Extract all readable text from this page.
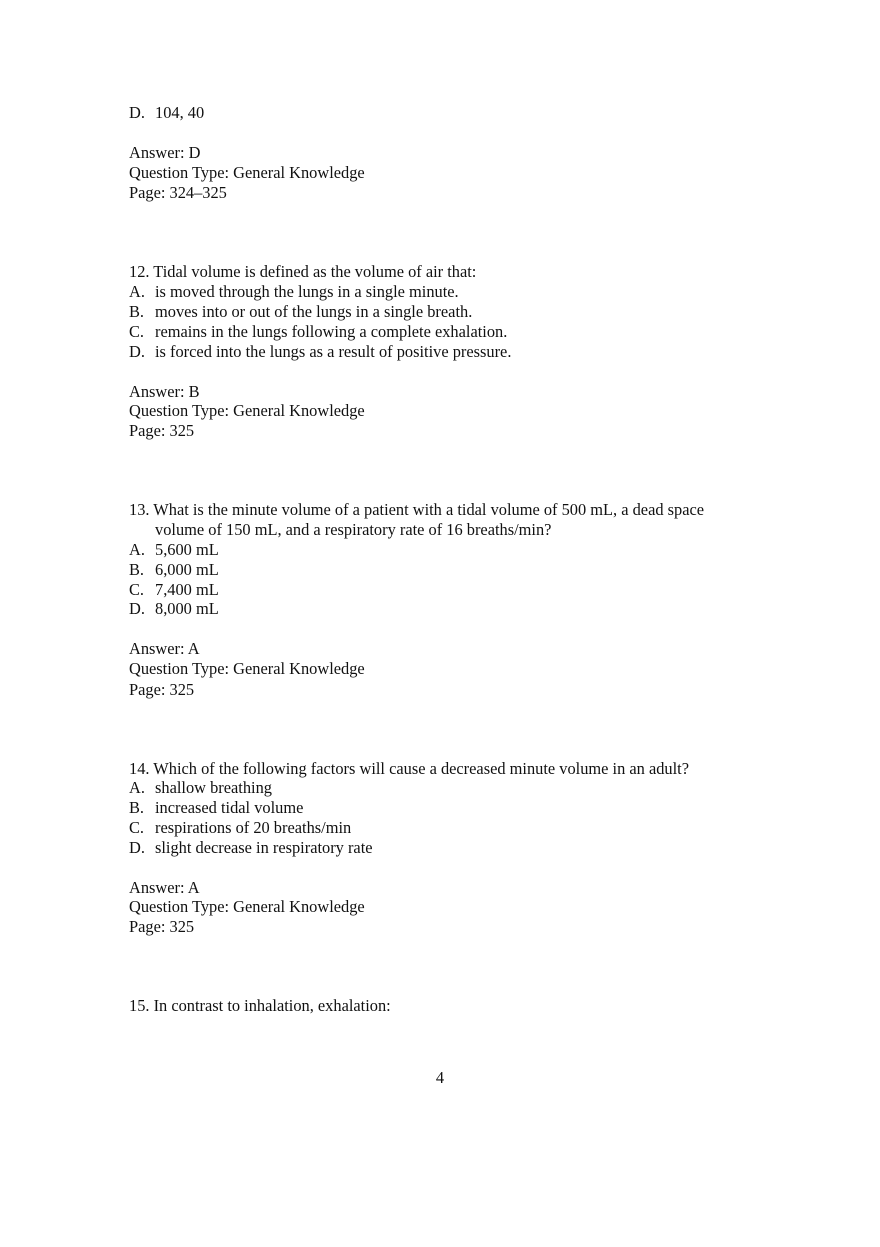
D. 104, 40
Answer: D
Question Type: General Knowledge
Page: 324–325
12. Tidal volume is defined as the volume of air that:
A. is moved through the lungs in a single minute.
B. moves into or out of the lungs in a single breath.
C. remains in the lungs following a complete exhalation.
D. is forced into the lungs as a result of positive pressure.
Answer: B
Question Type: General Knowledge
Page: 325
13. What is the minute volume of a patient with a tidal volume of 500 mL, a dead space
volume of 150 mL, and a respiratory rate of 16 breaths/min?
A. 5,600 mL
B. 6,000 mL
C. 7,400 mL
D. 8,000 mL
Answer: A
Question Type: General Knowledge
Page: 325
14. Which of the following factors will cause a decreased minute volume in an adult?
A. shallow breathing
B. increased tidal volume
C. respirations of 20 breaths/min
D. slight decrease in respiratory rate
Answer: A
Question Type: General Knowledge
Page: 325
15. In contrast to inhalation, exhalation:
4
